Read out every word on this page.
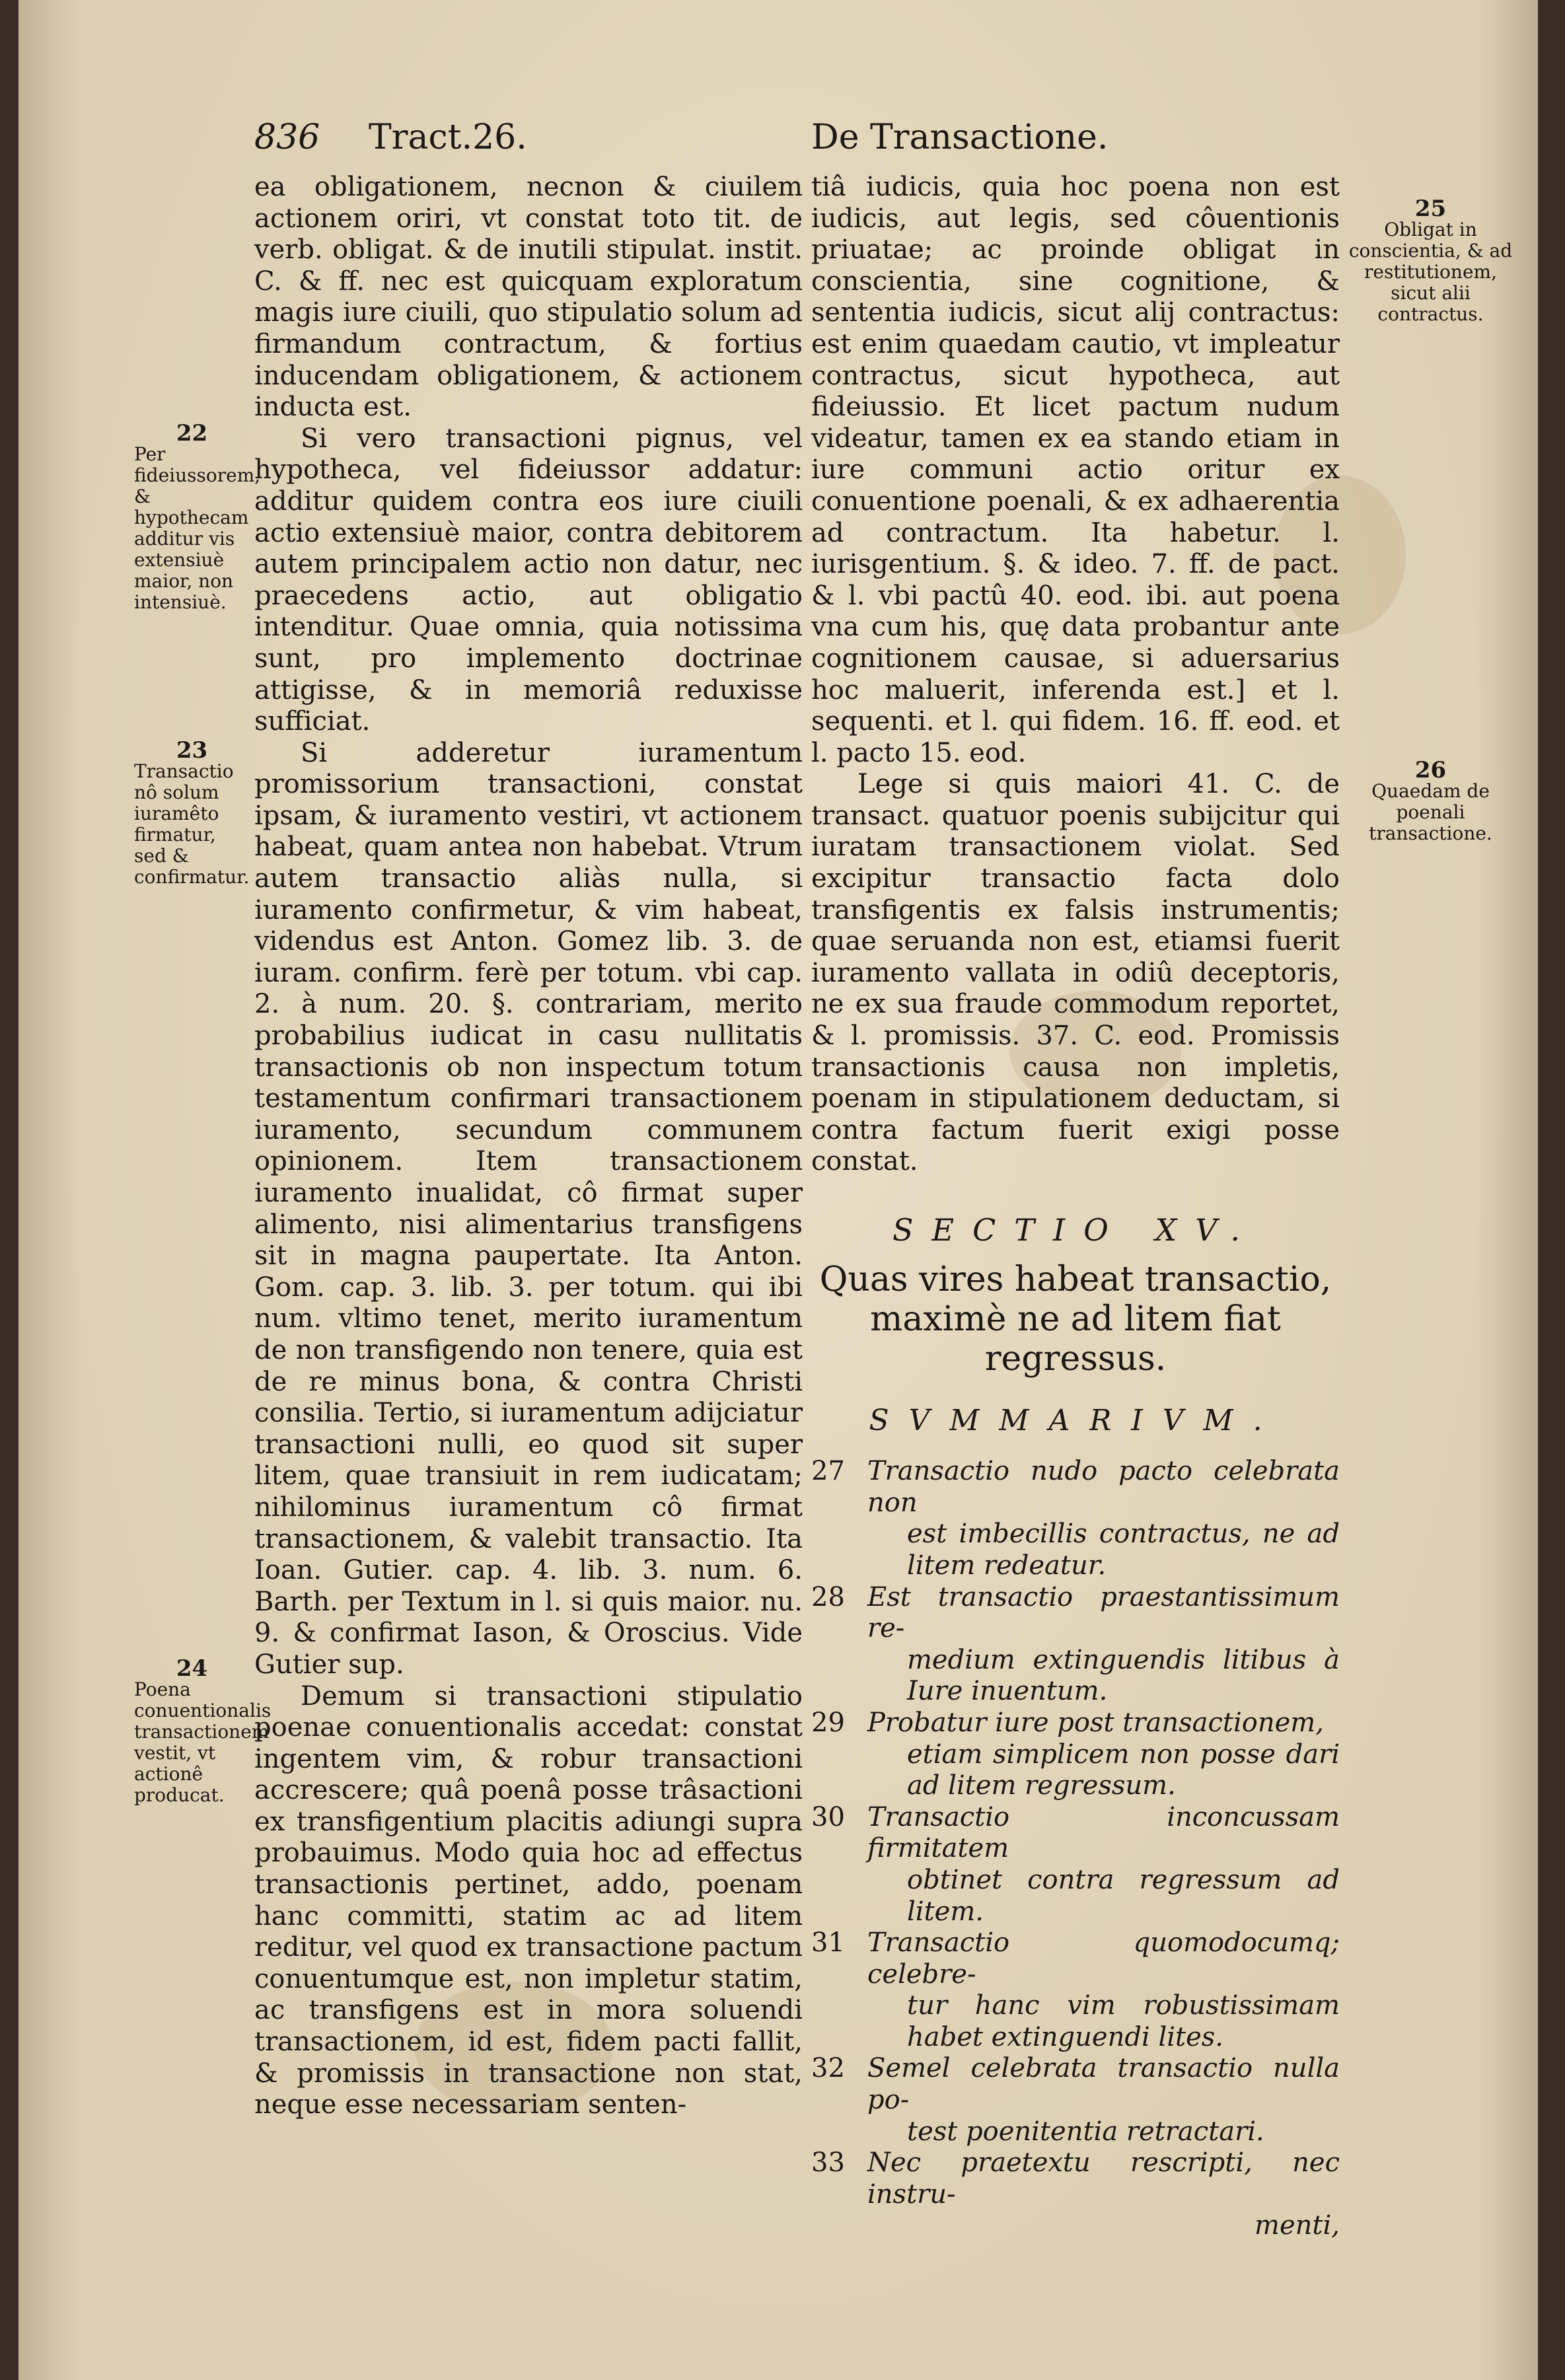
836 Tract.26.	De Transactione.

ea obligationem, necnon & ciuilem actionem oriri, vt constat toto tit. de verb. obligat. & de inutili stipulat. instit. C. & ff. nec est quicquam exploratum magis iure ciuili, quo stipulatio solum ad firmandum contractum, & fortius inducendam obligationem, & actionem inducta est.

Si vero transactioni pignus, vel hypotheca, vel fideiussor addatur: additur quidem contra eos iure ciuili actio extensiuè maior, contra debitorem autem principalem actio non datur, nec praecedens actio, aut obligatio intenditur. Quae omnia, quia notissima sunt, pro implemento doctrinae attigisse, & in memoriâ reduxisse sufficiat.

Si adderetur iuramentum promissorium transactioni, constat ipsam, & iuramento vestiri, vt actionem habeat, quam antea non habebat. Vtrum autem transactio aliàs nulla, si iuramento confirmetur, & vim habeat, videndus est Anton. Gomez lib. 3. de iuram. confirm. ferè per totum. vbi cap. 2. à num. 20. §. contrariam, merito probabilius iudicat in casu nullitatis transactionis ob non inspectum totum testamentum confirmari transactionem iuramento, secundum communem opinionem. Item transactionem iuramento inualidat, cô firmat super alimento, nisi alimentarius transfigens sit in magna paupertate. Ita Anton. Gom. cap. 3. lib. 3. per totum. qui ibi num. vltimo tenet, merito iuramentum de non transfigendo non tenere, quia est de re minus bona, & contra Christi consilia. Tertio, si iuramentum adijciatur transactioni nulli, eo quod sit super litem, quae transiuit in rem iudicatam; nihilominus iuramentum cô firmat transactionem, & valebit transactio. Ita Ioan. Gutier. cap. 4. lib. 3. num. 6. Barth. per Textum in l. si quis maior. nu. 9. & confirmat Iason, & Oroscius. Vide Gutier sup.

Demum si transactioni stipulatio poenae conuentionalis accedat: constat ingentem vim, & robur transactioni accrescere; quâ poenâ posse trâsactioni ex transfigentium placitis adiungi supra probauimus. Modo quia hoc ad effectus transactionis pertinet, addo, poenam hanc committi, statim ac ad litem reditur, vel quod ex transactione pactum conuentumque est, non impletur statim, ac transfigens est in mora soluendi transactionem, id est, fidem pacti fallit, & promissis in transactione non stat, neque esse necessariam senten-

22
Per fideiussorem, & hypothecam additur vis extensiuè maior, non intensiuè.
23
Transactio nô solum iuramêto firmatur, sed & confirmatur.
24
Poena conuentionalis transactionem vestit, vt actionê producat.

tiâ iudicis, quia hoc poena non est iudicis, aut legis, sed côuentionis priuatae; ac proinde obligat in conscientia, sine cognitione, & sententia iudicis, sicut alij contractus: est enim quaedam cautio, vt impleatur contractus, sicut hypotheca, aut fideiussio. Et licet pactum nudum videatur, tamen ex ea stando etiam in iure communi actio oritur ex conuentione poenali, & ex adhaerentia ad contractum. Ita habetur. l. iurisgentium. §. & ideo. 7. ff. de pact. & l. vbi pactû 40. eod. ibi. aut poena vna cum his, quę data probantur ante cognitionem causae, si aduersarius hoc maluerit, inferenda est.] et l. sequenti. et l. qui fidem. 16. ff. eod. et l. pacto 15. eod.

Lege si quis maiori 41. C. de transact. quatuor poenis subijcitur qui iuratam transactionem violat. Sed excipitur transactio facta dolo transfigentis ex falsis instrumentis; quae seruanda non est, etiamsi fuerit iuramento vallata in odiû deceptoris, ne ex sua fraude commodum reportet, & l. promissis. 37. C. eod. Promissis transactionis causa non impletis, poenam in stipulationem deductam, si contra factum fuerit exigi posse constat.

SECTIO XV.
Quas vires habeat transactio,
maximè ne ad litem fiat
regressus.
SVMMARIVM.
27 Transactio nudo pacto celebrata non
est imbecillis contractus, ne ad litem redeatur.
28 Est transactio praestantissimum re-
medium extinguendis litibus à Iure inuentum.
29 Probatur iure post transactionem,
etiam simplicem non posse dari ad litem regressum.
30 Transactio inconcussam firmitatem
obtinet contra regressum ad litem.
31 Transactio quomodocumq; celebre-
tur hanc vim robustissimam habet extinguendi lites.
32 Semel celebrata transactio nulla po-
test poenitentia retractari.
33 Nec praetextu rescripti, nec instru-
menti,
25
Obligat in conscientia, & ad restitutionem, sicut alii contractus.
26
Quaedam de poenali transactione.
